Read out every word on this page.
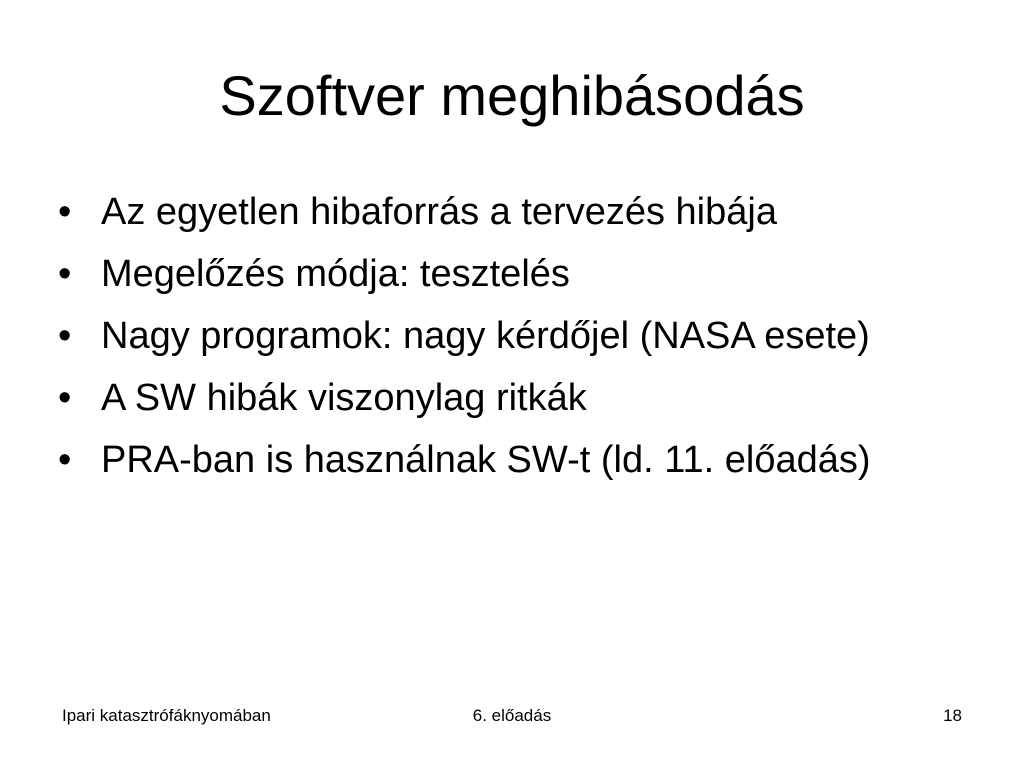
Szoftver meghibásodás
• Az egyetlen hibaforrás a tervezés hibája
• Megelőzés módja: tesztelés
• Nagy programok: nagy kérdőjel (NASA esete)
• A SW hibák viszonylag ritkák
• PRA-ban is használnak SW-t (ld. 11. előadás)
Ipari katasztrófáknyomában	6. előadás	18
